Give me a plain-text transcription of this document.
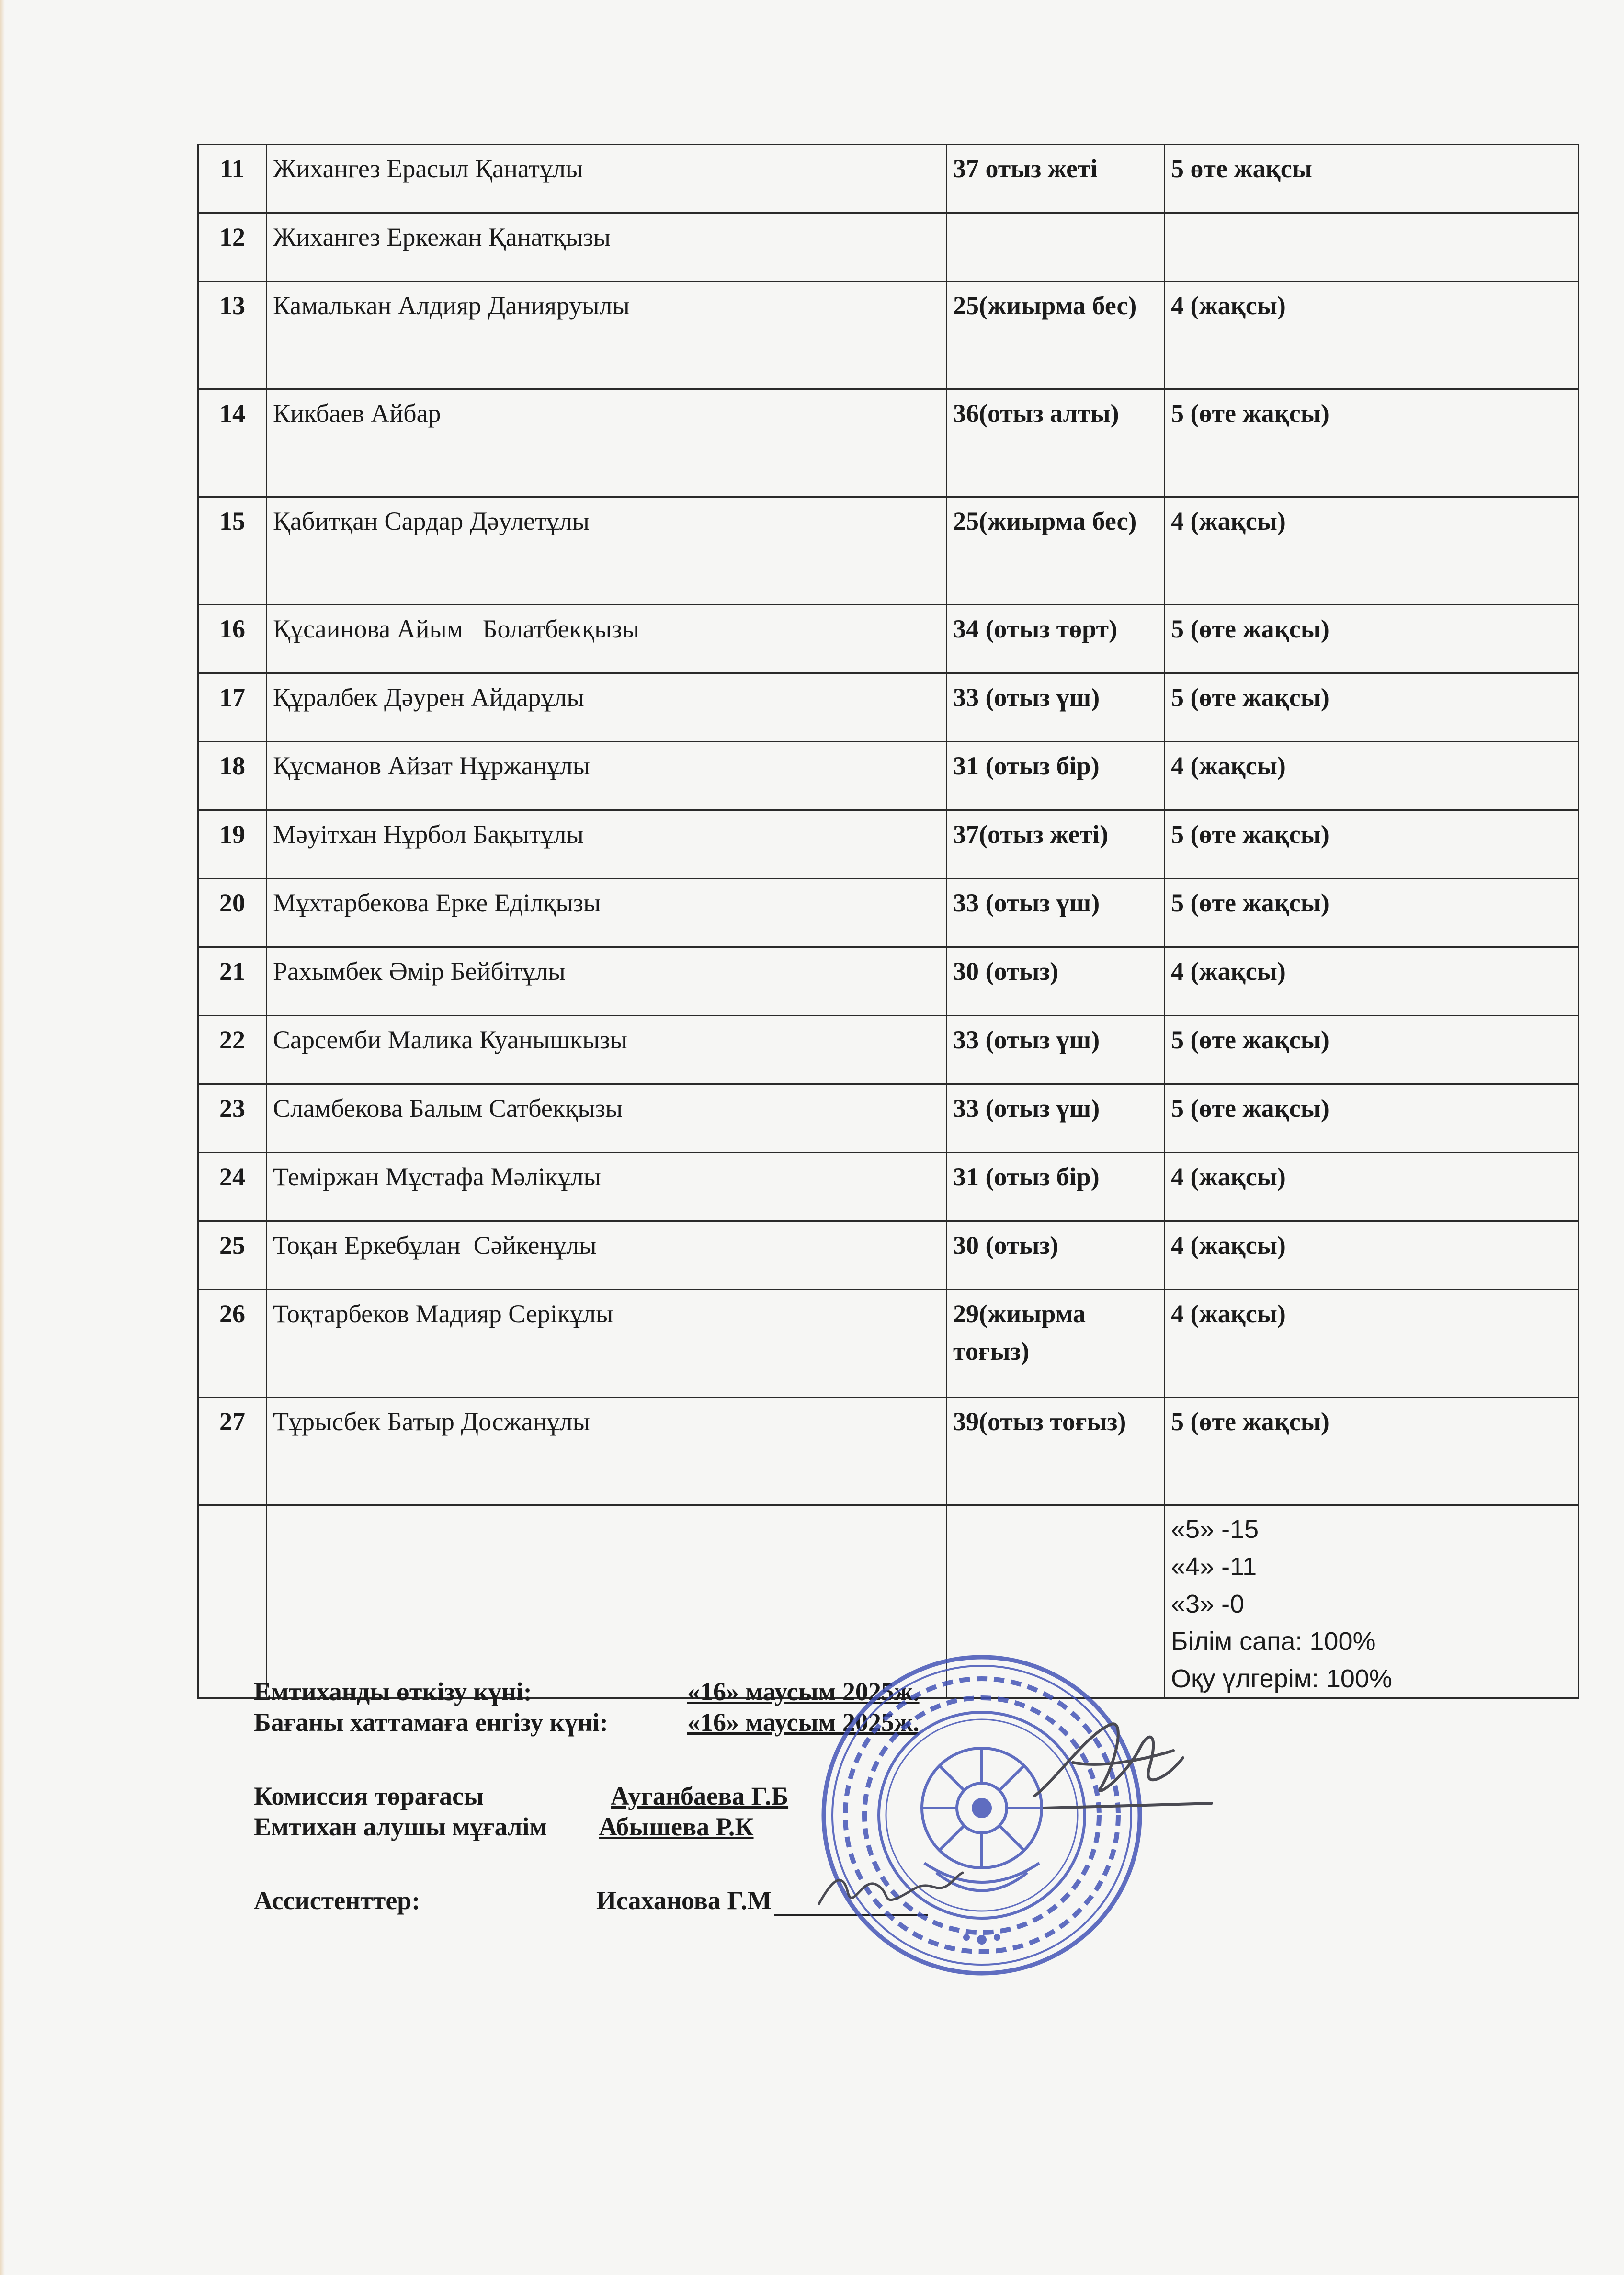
11	Жихангез Ерасыл Қанатұлы	37 отыз жеті	5 өте жақсы
12	Жихангез Еркежан Қанатқызы		
13	Камалькан Алдияр Данияруылы	25(жиырма бес)	4 (жақсы)
14	Кикбаев Айбар	36(отыз алты)	5 (өте жақсы)
15	Қабитқан Сардар Дәулетұлы	25(жиырма бес)	4 (жақсы)
16	Құсаинова Айым   Болатбекқызы	34 (отыз төрт)	5 (өте жақсы)
17	Құралбек Дәурен Айдарұлы	33 (отыз үш)	5 (өте жақсы)
18	Құсманов Айзат Нұржанұлы	31 (отыз бір)	4 (жақсы)
19	Мәуітхан Нұрбол Бақытұлы	37(отыз жеті)	5 (өте жақсы)
20	Мұхтарбекова Ерке Еділқызы	33 (отыз үш)	5 (өте жақсы)
21	Рахымбек Әмір Бейбітұлы	30 (отыз)	4 (жақсы)
22	Сарсемби Малика Куанышкызы	33 (отыз үш)	5 (өте жақсы)
23	Сламбекова Балым Сатбекқызы	33 (отыз үш)	5 (өте жақсы)
24	Теміржан Мұстафа Мәлікұлы	31 (отыз бір)	4 (жақсы)
25	Тоқан Еркебұлан  Сәйкенұлы	30 (отыз)	4 (жақсы)
26	Тоқтарбеков Мадияр Серікұлы	29(жиырма тоғыз)	4 (жақсы)
27	Тұрысбек Батыр Досжанұлы	39(отыз тоғыз)	5 (өте жақсы)

			«5» -15
«4» -11
«3» -0
Білім сапа: 100%
Оқу үлгерім: 100%
Емтиханды өткізу күні:	«16» маусым 2025ж.
Бағаны хаттамаға енгізу күні:	«16» маусым 2025ж.
Комиссия төрағасы	Ауганбаева Г.Б
Емтихан алушы мұғалім Абышева Р.К
Ассистенттер:	Исаханова Г.М
